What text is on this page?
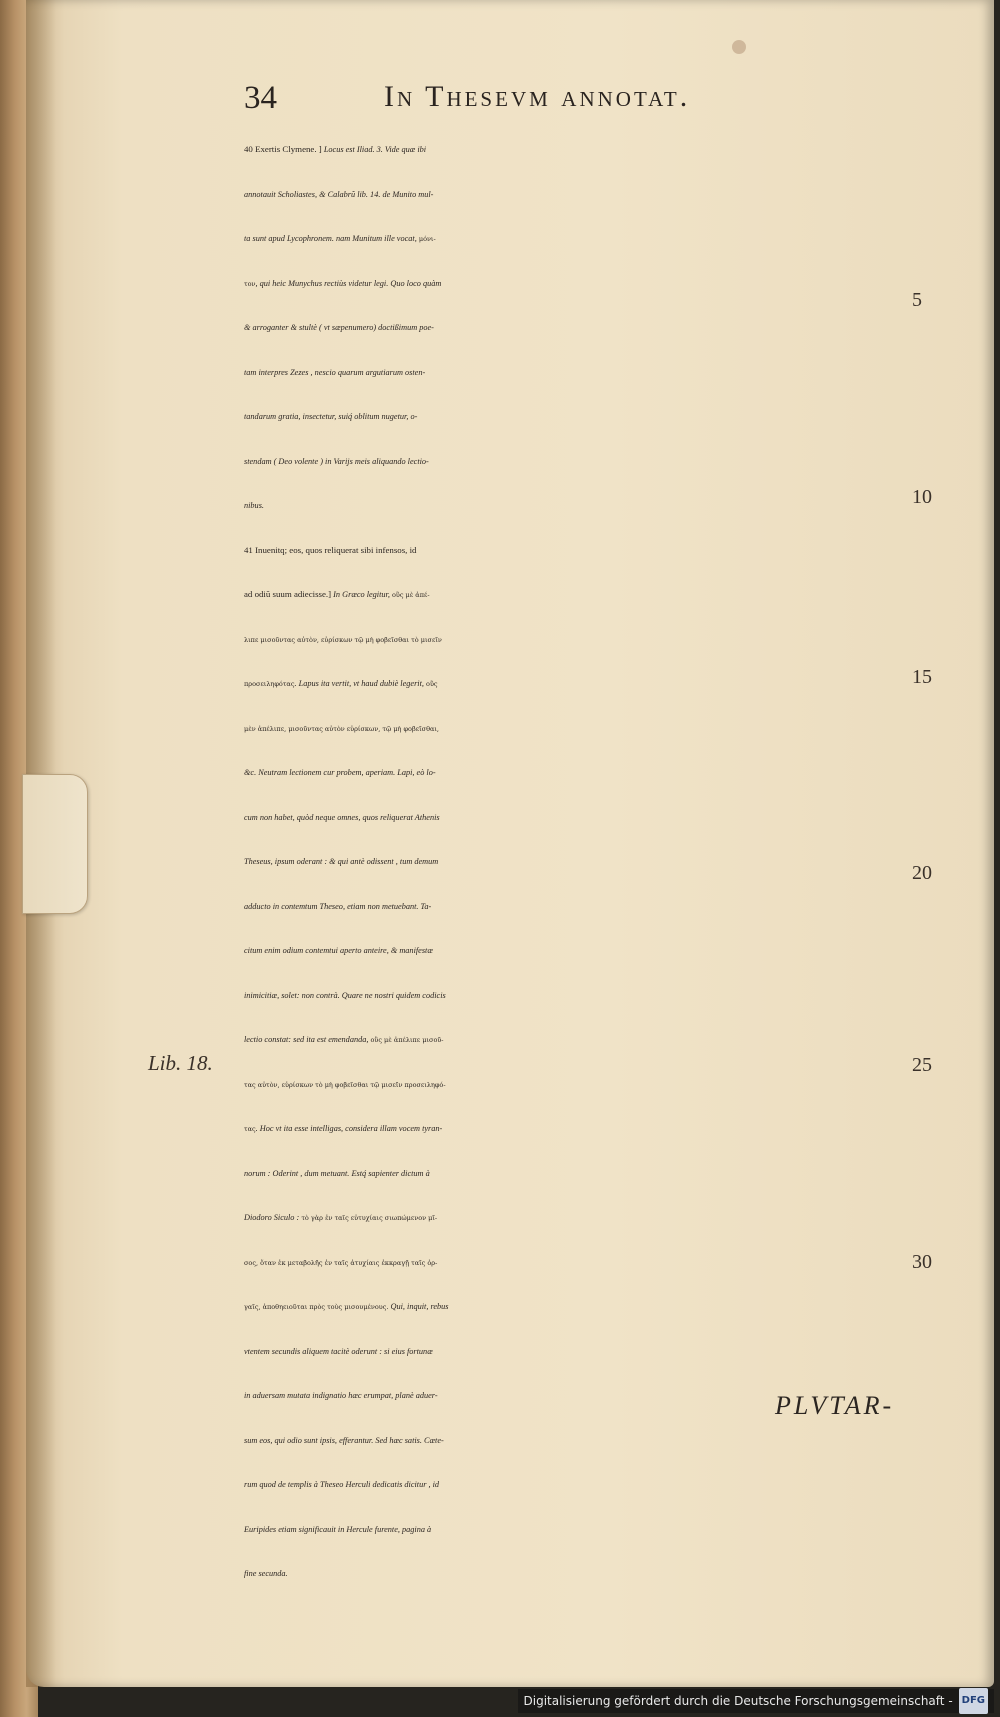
34	In Thesevm annotat.
40 Exertis Clymene. ] Locus est Iliad. 3. Vide quæ ibi
annotauit Scholiastes, & Calabrũ lib. 14. de Munito mul-
ta sunt apud Lycophronem. nam Munitum ille vocat, μόνι-
τον, qui heic Munychus rectiùs videtur legi. Quo loco quàm
& arroganter & stultè ( vt sæpenumero) doctißimum poe-
tam interpres Zezes , nescio quarum argutiarum osten-
tandarum gratia, insectetur, suiq́ oblitum nugetur, o-
stendam ( Deo volente ) in Varijs meis aliquando lectio-
nibus.
41 Inuenitq; eos, quos reliquerat sibi infensos, id
ad odiũ suum adiecisse.] In Græco legitur, οὓς μὲ ἀπέ-
λιπε μισοῦντας αὐτὸν, εὑρίσκων τῷ μὴ φοβεῖσθαι τὸ μισεῖν
προσειληφότας. Lapus ita vertit, vt haud dubiè legerit, οὓς
μὲν ἀπέλιπε, μισοῦντας αὐτὸν εὑρίσκων, τῷ μὴ φοβεῖσθαι,
&c. Neutram lectionem cur probem, aperiam. Lapi, eò lo-
cum non habet, quòd neque omnes, quos reliquerat Athenis
Theseus, ipsum oderant : & qui antè odissent , tum demum
adducto in contemtum Theseo, etiam non metuebant. Ta-
citum enim odium contemtui aperto anteire, & manifestæ
inimicitiæ, solet: non contrà. Quare ne nostri quidem codicis
lectio constat: sed ita est emendanda, οὓς μὲ ἀπέλιπε μισοῦ-
τας αὐτὸν, εὑρίσκων τὸ μὴ φοβεῖσθαι τῷ μισεῖν προσειληφό-
τας. Hoc vt ita esse intelligas, considera illam vocem tyran-
norum : Oderint , dum metuant. Estq́ sapienter dictum à
Diodoro Siculo : τὸ γὰρ ἐν ταῖς εὐτυχίαις σιωπώμενον μῖ-
σος, ὅταν ἐκ μεταβολῆς ἐν ταῖς ἀτυχίαις ἐκκραγῇ ταῖς ὀρ-
γαῖς, ἀποθηειοῦται πρὸς τοὺς μισουμένους. Qui, inquit, rebus
vtentem secundis aliquem tacitè oderunt : si eius fortunæ
in aduersam mutata indignatio hæc erumpat, planè aduer-
sum eos, qui odio sunt ipsis, efferantur. Sed hæc satis. Cæte-
rum quod de templis à Theseo Herculi dedicatis dicitur , id
Euripides etiam significauit in Hercule furente, pagina à
fine secunda.
5
10
15
20
25
30
Lib. 18.
PLVTAR-
Digitalisierung gefördert durch die Deutsche Forschungsgemeinschaft - DFG
